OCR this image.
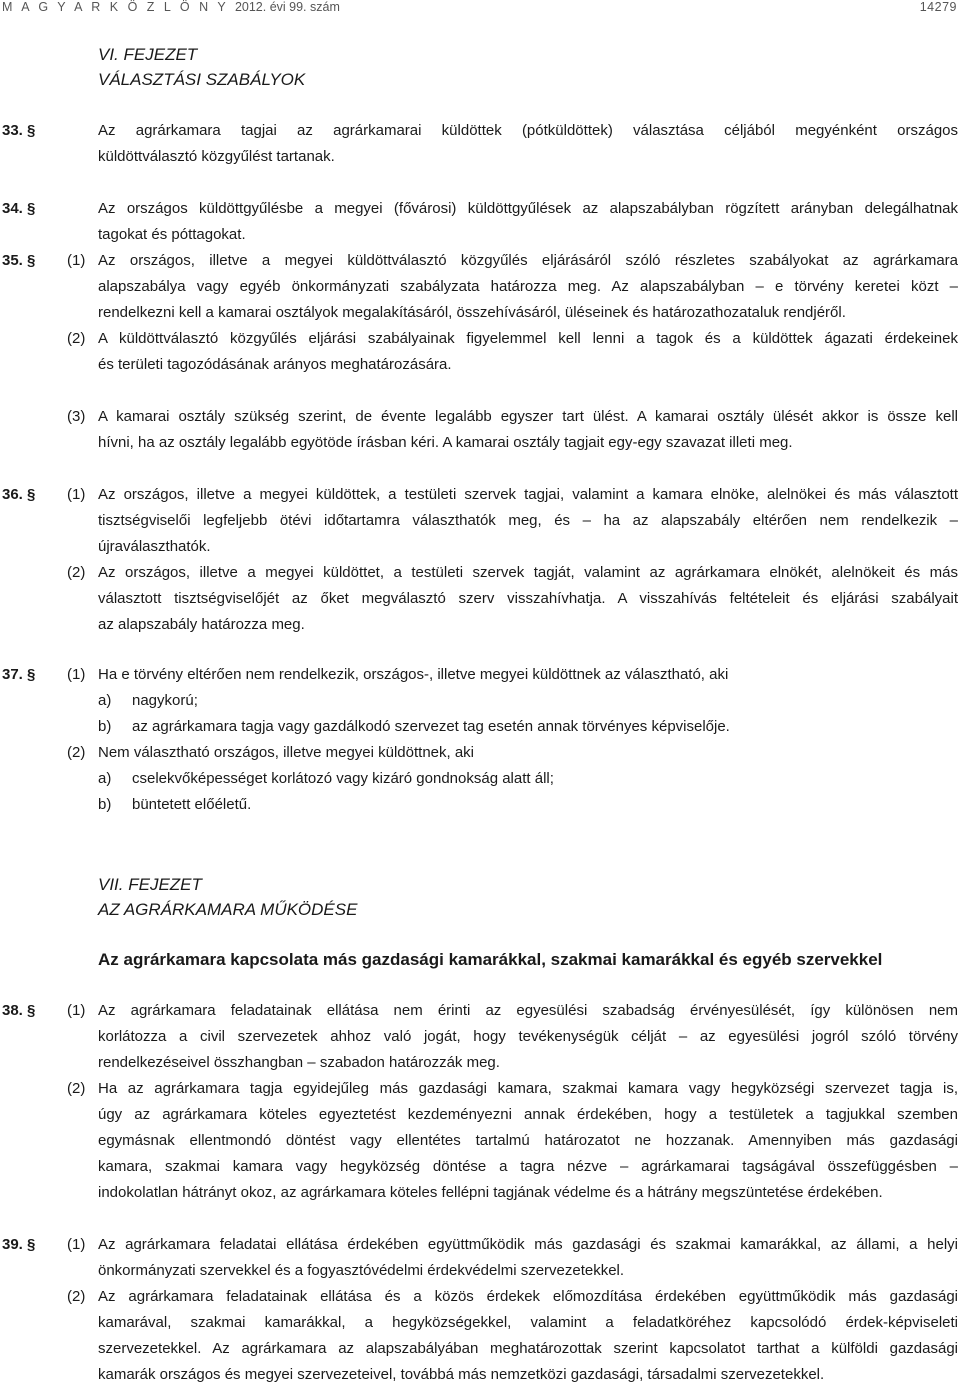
M A G Y A R K Ö Z L Ö N Y 2012. évi 99. szám	14279
VI. FEJEZET
VÁLASZTÁSI SZABÁLYOK
33. §	Az agrárkamara tagjai az agrárkamarai küldöttek (pótküldöttek) választása céljából megyénként országos
küldöttválasztó közgyűlést tartanak.
34. §	Az országos küldöttgyűlésbe a megyei (fővárosi) küldöttgyűlések az alapszabályban rögzített arányban delegálhatnak
tagokat és póttagokat.
35. § (1) Az országos, illetve a megyei küldöttválasztó közgyűlés eljárásáról szóló részletes szabályokat az agrárkamara
alapszabálya vagy egyéb önkormányzati szabályzata határozza meg. Az alapszabályban – e törvény keretei közt –
rendelkezni kell a kamarai osztályok megalakításáról, összehívásáról, üléseinek és határozathozataluk rendjéről.
(2) A küldöttválasztó közgyűlés eljárási szabályainak figyelemmel kell lenni a tagok és a küldöttek ágazati érdekeinek
és területi tagozódásának arányos meghatározására.
(3) A kamarai osztály szükség szerint, de évente legalább egyszer tart ülést. A kamarai osztály ülését akkor is össze kell
hívni, ha az osztály legalább egyötöde írásban kéri. A kamarai osztály tagjait egy-egy szavazat illeti meg.
36. § (1) Az országos, illetve a megyei küldöttek, a testületi szervek tagjai, valamint a kamara elnöke, alelnökei és más választott
tisztségviselői legfeljebb ötévi időtartamra választhatók meg, és – ha az alapszabály eltérően nem rendelkezik –
újraválaszthatók.
(2) Az országos, illetve a megyei küldöttet, a testületi szervek tagját, valamint az agrárkamara elnökét, alelnökeit és más
választott tisztségviselőjét az őket megválasztó szerv visszahívhatja. A visszahívás feltételeit és eljárási szabályait
az alapszabály határozza meg.
37. § (1) Ha e törvény eltérően nem rendelkezik, országos-, illetve megyei küldöttnek az választható, aki
a) nagykorú;
b) az agrárkamara tagja vagy gazdálkodó szervezet tag esetén annak törvényes képviselője.
(2) Nem választható országos, illetve megyei küldöttnek, aki
a) cselekvőképességet korlátozó vagy kizáró gondnokság alatt áll;
b) büntetett előéletű.
VII. FEJEZET
AZ AGRÁRKAMARA MŰKÖDÉSE
Az agrárkamara kapcsolata más gazdasági kamarákkal, szakmai kamarákkal és egyéb szervekkel
38. § (1) Az agrárkamara feladatainak ellátása nem érinti az egyesülési szabadság érvényesülését, így különösen nem
korlátozza a civil szervezetek ahhoz való jogát, hogy tevékenységük célját – az egyesülési jogról szóló törvény
rendelkezéseivel összhangban – szabadon határozzák meg.
(2) Ha az agrárkamara tagja egyidejűleg más gazdasági kamara, szakmai kamara vagy hegyközségi szervezet tagja is,
úgy az agrárkamara köteles egyeztetést kezdeményezni annak érdekében, hogy a testületek a tagjukkal szemben
egymásnak ellentmondó döntést vagy ellentétes tartalmú határozatot ne hozzanak. Amennyiben más gazdasági
kamara, szakmai kamara vagy hegyközség döntése a tagra nézve – agrárkamarai tagságával összefüggésben –
indokolatlan hátrányt okoz, az agrárkamara köteles fellépni tagjának védelme és a hátrány megszüntetése érdekében.
39. § (1) Az agrárkamara feladatai ellátása érdekében együttműködik más gazdasági és szakmai kamarákkal, az állami, a helyi
önkormányzati szervekkel és a fogyasztóvédelmi érdekvédelmi szervezetekkel.
(2) Az agrárkamara feladatainak ellátása és a közös érdekek előmozdítása érdekében együttműködik más gazdasági
kamarával, szakmai kamarákkal, a hegyközségekkel, valamint a feladatköréhez kapcsolódó érdek-képviseleti
szervezetekkel. Az agrárkamara az alapszabályában meghatározottak szerint kapcsolatot tarthat a külföldi gazdasági
kamarák országos és megyei szervezeteivel, továbbá más nemzetközi gazdasági, társadalmi szervezetekkel.
